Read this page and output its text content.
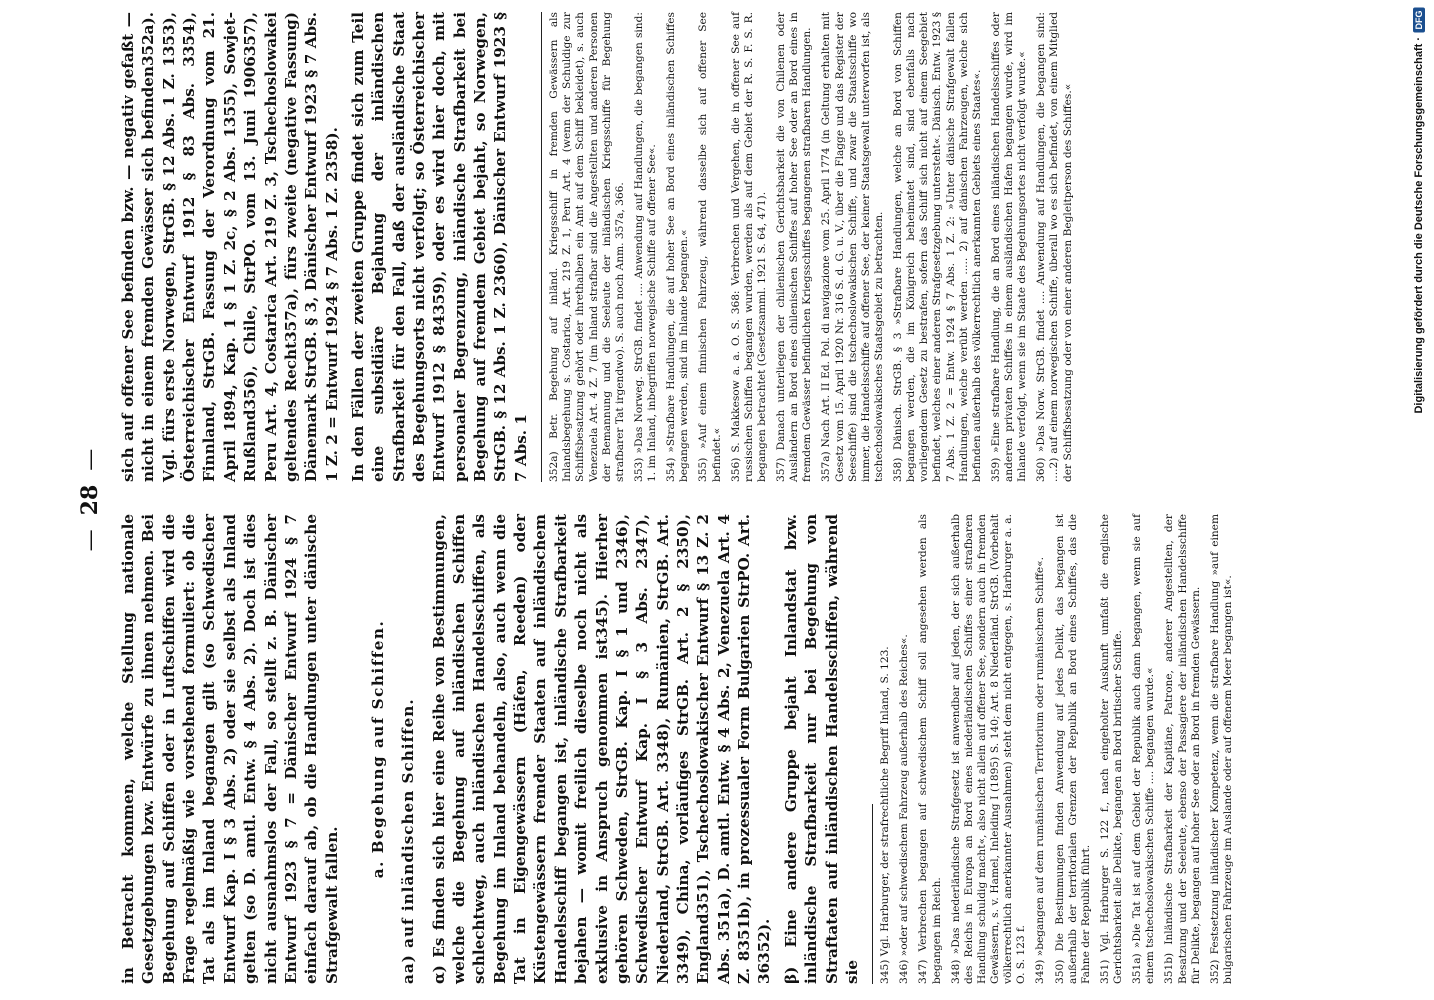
—
28
—

in Betracht kommen, welche Stellung nationale Gesetzgebungen bzw. Entwürfe zu ihnen nehmen. Bei Begehung auf Schiffen oder in Luftschiffen wird die Frage regelmäßig wie vorstehend formuliert: ob die Tat als im Inland begangen gilt (so Schwedischer Entwurf Kap. I § 3 Abs. 2) oder sie selbst als Inland gelten (so D. amtl. Entw. § 4 Abs. 2). Doch ist dies nicht ausnahmslos der Fall, so stellt z. B. Dänischer Entwurf 1923 § 7 = Dänischer Entwurf 1924 § 7 einfach darauf ab, ob die Handlungen unter dänische Strafgewalt fallen.

a. Begehung auf Schiffen. aa) auf inländischen Schiffen. α) Es finden sich hier eine Reihe von Bestimmungen, welche die Begehung auf inländischen Schiffen schlechtweg, auch inländischen Handelsschiffen, als Begehung im Inland behandeln, also, auch wenn die Tat in Eigengewässern (Häfen, Reeden) oder Küstengewässern fremder Staaten auf inländischem Handelsschiff begangen ist, inländische Strafbarkeit bejahen — womit freilich dieselbe noch nicht als exklusive in Anspruch genommen ist345). Hierher gehören Schweden, StrGB. Kap. I § 1 und 2346), Schwedischer Entwurf Kap. I § 3 Abs. 2347), Niederland, StrGB. Art. 3348), Rumänien, StrGB. Art. 3349), China, vorläufiges StrGB. Art. 2 § 2350), England351), Tschechoslowakischer Entwurf § 13 Z. 2 Abs. 351a), D. amtl. Entw. § 4 Abs. 2, Venezuela Art. 4 Z. 8351b), in prozessualer Form Bulgarien StrPO. Art. 36352). β) Eine andere Gruppe bejaht Inlandstat bzw. inländische Strafbarkeit nur bei Begehung von Straftaten auf inländischen Handelsschiffen, während sie 345) Vgl. Harburger, der strafrechtliche Begriff Inland, S. 123. 346) »oder auf schwedischem Fahrzeug außerhalb des Reiches«. 347) Verbrechen begangen auf schwedischem Schiff soll angesehen werden als begangen im Reich. 348) »Das niederländische Strafgesetz ist anwendbar auf jeden, der sich außerhalb des Reichs in Europa an Bord eines niederländischen Schiffes einer strafbaren Handlung schuldig macht«, also nicht allein auf offener See, sondern auch in fremden Gewässern, s. v. Hamel, Inleiding I (1895) S. 140; Art. 8 Niederländ. StrGB. (Vorbehalt völkerrechtlich anerkannter Ausnahmen) steht dem nicht entgegen, s. Harburger a. a. O. S. 123 f. 349) »begangen auf dem rumänischen Territorium oder rumänischem Schiffe«. 350) Die Bestimmungen finden Anwendung auf jedes Delikt, das begangen ist außerhalb der territorialen Grenzen der Republik an Bord eines Schiffes, das die Fahne der Republik führt. 351) Vgl. Harburger S. 122 f., nach eingeholter Auskunft umfaßt die englische Gerichtsbarkeit alle Delikte, begangen an Bord britischer Schiffe. 351a) »Die Tat ist auf dem Gebiet der Republik auch dann begangen, wenn sie auf einem tschechoslowakischen Schiffe .... begangen wurde.« 351b) Inländische Strafbarkeit der Kapitäne, Patrone, anderer Angestellten, der Besatzung und der Seeleute, ebenso der Passagiere der inländischen Handelsschiffe für Delikte, begangen auf hoher See oder an Bord in fremden Gewässern. 352) Festsetzung inländischer Kompetenz, wenn die strafbare Handlung »auf einem bulgarischen Fahrzeuge im Auslande oder auf offenem Meer begangen ist«.

sich auf offener See befinden bzw. — negativ gefaßt — nicht in einem fremden Gewässer sich befinden352a). Vgl. fürs erste Norwegen, StrGB. § 12 Abs. 1 Z. 1353), Österreichischer Entwurf 1912 § 83 Abs. 3354), Finnland, StrGB. Fassung der Verordnung vom 21. April 1894, Kap. 1 § 1 Z. 2c, § 2 Abs. 1355), Sowjet-Rußland356), Chile, StrPO. vom 13. Juni 1906357), Peru Art. 4, Costarica Art. 219 Z. 3, Tschechoslowakei geltendes Recht357a), fürs zweite (negative Fassung) Dänemark StrGB. § 3, Dänischer Entwurf 1923 § 7 Abs. 1 Z. 2 = Entwurf 1924 § 7 Abs. 1 Z. 2358). In den Fällen der zweiten Gruppe findet sich zum Teil eine subsidiäre Bejahung der inländischen Strafbarkeit für den Fall, daß der ausländische Staat des Begehungsorts nicht verfolgt; so Österreichischer Entwurf 1912 § 84359), oder es wird hier doch, mit personaler Begrenzung, inländische Strafbarkeit bei Begehung auf fremdem Gebiet bejaht, so Norwegen, StrGB. § 12 Abs. 1 Z. 2360), Dänischer Entwurf 1923 § 7 Abs. 1 352a) Betr. Begehung auf inländ. Kriegsschiff in fremden Gewässern als Inlandsbegehung s. Costarica, Art. 219 Z. 1, Peru Art. 4 (wenn der Schuldige zur Schiffsbesatzung gehört oder ihrethalben ein Amt auf dem Schiff bekleidet), s. auch Venezuela Art. 4 Z. 7 (im Inland strafbar sind die Angestellten und anderen Personen der Bemannung und die Seeleute der inländischen Kriegsschiffe für Begehung strafbarer Tat irgendwo). S. auch noch Anm. 357a, 366. 353) »Das Norweg. StrGB. findet .... Anwendung auf Handlungen, die begangen sind: 1. im Inland, inbegriffen norwegische Schiffe auf offener See«. 354) »Strafbare Handlungen, die auf hoher See an Bord eines inländischen Schiffes begangen werden, sind im Inlande begangen.« 355) »Auf einem finnischen Fahrzeug, während dasselbe sich auf offener See befindet.« 356) S. Makkesow a. a. O. S. 368: Verbrechen und Vergehen, die in offener See auf russischen Schiffen begangen wurden, werden als auf dem Gebiet der R. S. F. S. R. begangen betrachtet (Gesetzsamml. 1921 S. 64, 471). 357) Danach unterliegen der chilenischen Gerichtsbarkeit die von Chilenen oder Ausländern an Bord eines chilenischen Schiffes auf hoher See oder an Bord eines in fremdem Gewässer befindlichen Kriegsschiffes begangenen strafbaren Handlungen. 357a) Nach Art. II Ed. Pol. di navigazione vom 25. April 1774 (in Geltung erhalten mit Gesetz vom 15. April 1920 Nr. 316 S. d. G. u. V., über die Flagge und das Register der Seeschiffe) sind die tschechoslowakischen Schiffe, und zwar die Staatsschiffe wo immer, die Handelsschiffe auf offener See, der keiner Staatsgewalt unterworfen ist, als tschechoslowakisches Staatsgebiet zu betrachten. 358) Dänisch. StrGB. § 3 »Strafbare Handlungen, welche an Bord von Schiffen begangen werden, die im Königreich beheimatet sind, sind ebenfalls nach vorliegendem Gesetz zu bestrafen, sofern das Schiff sich nicht auf einem Seegebiet befindet, welches einer anderen Strafgesetzgebung untersteht«. Dänisch. Entw. 1923 § 7 Abs. 1 Z. 2 = Entw. 1924 § 7 Abs. 1 Z. 2: »Unter dänische Strafgewalt fallen Handlungen, welche verübt werden ..... 2) auf dänischen Fahrzeugen, welche sich befinden außerhalb des völkerrechtlich anerkannten Gebiets eines Staates«. 359) »Eine strafbare Handlung, die an Bord eines inländischen Handelsschiffes oder anderen privaten Schiffes in einem ausländischen Hafen begangen wurde, wird im Inlande verfolgt, wenn sie im Staate des Begehungsortes nicht verfolgt wurde.« 360) »Das Norw. StrGB. findet .... Anwendung auf Handlungen, die begangen sind: ....2) auf einem norwegischen Schiffe, überall wo es sich befindet, von einem Mitglied der Schiffsbesatzung oder von einer anderen Begleitperson des Schiffes.«	Digitalisierung gefördert durch die Deutsche Forschungsgemeinschaft ·
DFG
